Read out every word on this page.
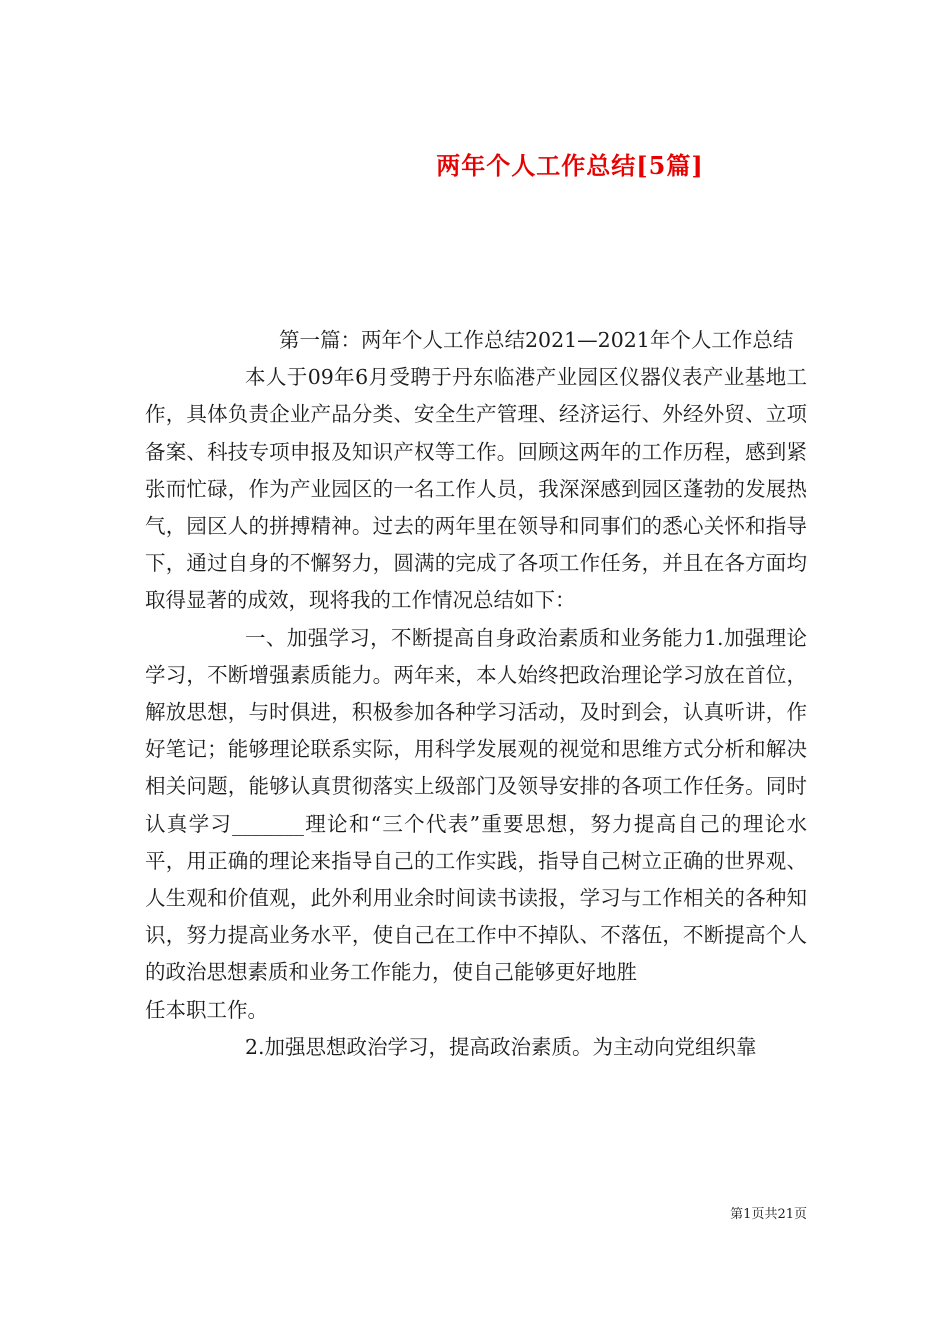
两年个人工作总结[5篇]

第一篇：两年个人工作总结2021—2021年个人工作总结

本人于09年6月受聘于丹东临港产业园区仪器仪表产业基地工作，具体负责企业产品分类、安全生产管理、经济运行、外经外贸、立项备案、科技专项申报及知识产权等工作。回顾这两年的工作历程，感到紧张而忙碌，作为产业园区的一名工作人员，我深深感到园区蓬勃的发展热气，园区人的拼搏精神。过去的两年里在领导和同事们的悉心关怀和指导下，通过自身的不懈努力，圆满的完成了各项工作任务，并且在各方面均取得显著的成效，现将我的工作情况总结如下：

一、加强学习，不断提高自身政治素质和业务能力1.加强理论学习，不断增强素质能力。两年来，本人始终把政治理论学习放在首位，解放思想，与时俱进，积极参加各种学习活动，及时到会，认真听讲，作好笔记；能够理论联系实际，用科学发展观的视觉和思维方式分析和解决相关问题，能够认真贯彻落实上级部门及领导安排的各项工作任务。同时认真学习_______理论和“三个代表”重要思想，努力提高自己的理论水平，用正确的理论来指导自己的工作实践，指导自己树立正确的世界观、人生观和价值观，此外利用业余时间读书读报，学习与工作相关的各种知识，努力提高业务水平，使自己在工作中不掉队、不落伍，不断提高个人的政治思想素质和业务工作能力，使自己能够更好地胜

任本职工作。

2.加强思想政治学习，提高政治素质。为主动向党组织靠

第1页共21页
